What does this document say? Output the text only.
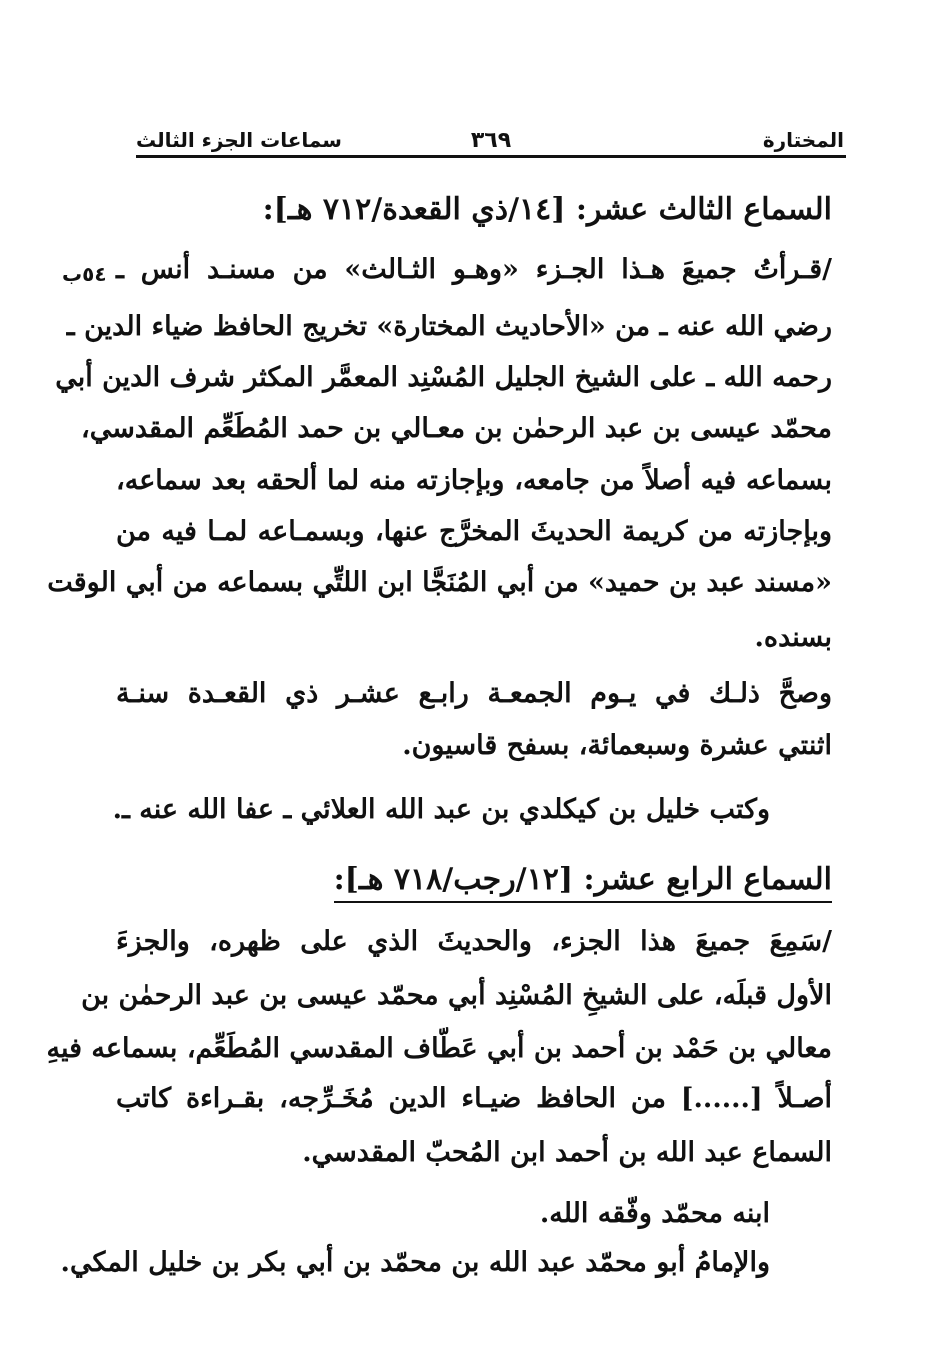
المختارة
٣٦٩
سماعات الجزء الثالث
٥٤ب
السماع الثالث عشر: [١٤/ذي القعدة/٧١٢ هـ]:
/قـرأتُ جميعَ هـذا الجـزء «وهـو الثـالث» من مسنـد أنس ـ
رضي الله عنه ـ من «الأحاديث المختارة» تخريج الحافظ ضياء الدين ـ
رحمه الله ـ على الشيخ الجليل المُسْنِد المعمَّر المكثر شرف الدين أبي
محمّد عيسى بن عبد الرحمٰن بن معـالي بن حمد المُطَعِّم المقدسي،
بسماعه فيه أصلاً من جامعه، وبإجازته منه لما ألحقه بعد سماعه،
وبإجازته من كريمة الحديثَ المخرَّج عنها، وبسمـاعه لمـا فيه من
«مسند عبد بن حميد» من أبي المُنَجَّا ابن اللتِّي بسماعه من أبي الوقت
بسنده.
وصحَّ ذلـك في يـوم الجمعـة رابـع عشـر ذي القعـدة سنـة
اثنتي عشرة وسبعمائة، بسفح قاسيون.
وكتب خليل بن كيكلدي بن عبد الله العلائي ـ عفا الله عنه ـ.
السماع الرابع عشر: [١٢/رجب/٧١٨ هـ]:
/سَمِعَ جميعَ هذا الجزء، والحديثَ الذي على ظهره، والجزءَ
الأول قبلَه، على الشيخِ المُسْنِد أبي محمّد عيسى بن عبد الرحمٰن بن
معالي بن حَمْد بن أحمد بن أبي عَطّاف المقدسي المُطَعِّم، بسماعه فيهِ
أصـلاً [......] من الحافظ ضيـاء الدين مُخَـرِّجه، بقـراءة كاتب
السماع عبد الله بن أحمد ابن المُحبّ المقدسي.
ابنه محمّد وفّقه الله.
والإمامُ أبو محمّد عبد الله بن محمّد بن أبي بكر بن خليل المكي.
